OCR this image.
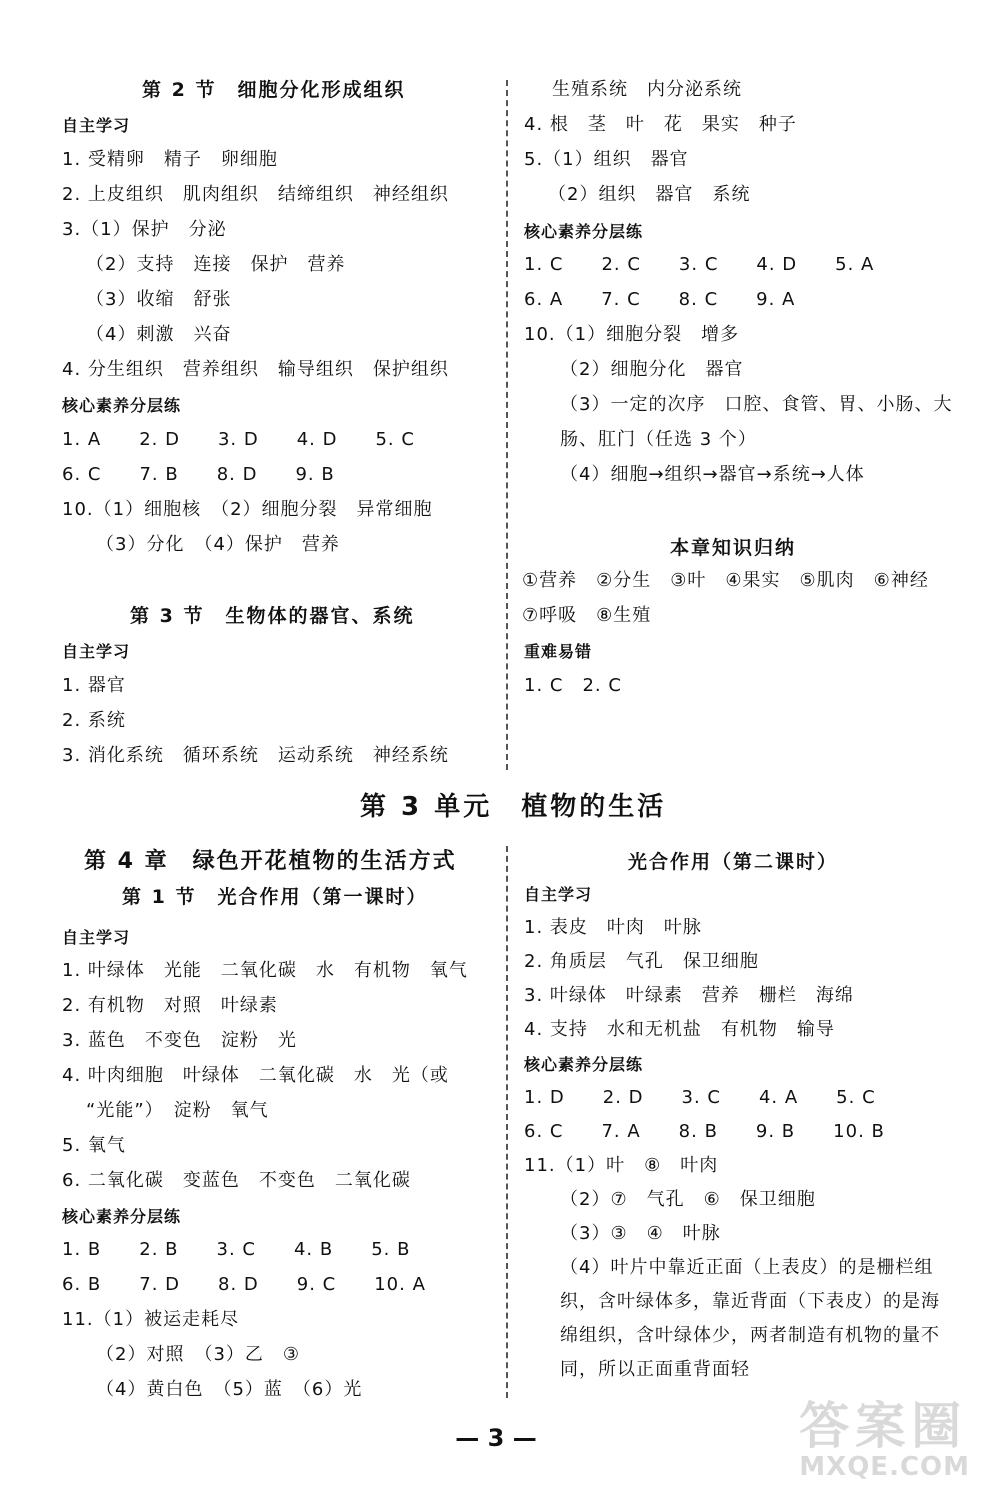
第 2 节　细胞分化形成组织
自主学习
1. 受精卵　精子　卵细胞
2. 上皮组织　肌肉组织　结缔组织　神经组织
3.（1）保护　分泌
（2）支持　连接　保护　营养
（3）收缩　舒张
（4）刺激　兴奋
4. 分生组织　营养组织　输导组织　保护组织
核心素养分层练
1. A　　2. D　　3. D　　4. D　　5. C
6. C　　7. B　　8. D　　9. B
10.（1）细胞核　（2）细胞分裂　异常细胞
（3）分化　（4）保护　营养
第 3 节　生物体的器官、系统
自主学习
1. 器官
2. 系统
3. 消化系统　循环系统　运动系统　神经系统
生殖系统　内分泌系统
4. 根　茎　叶　花　果实　种子
5.（1）组织　器官
（2）组织　器官　系统
核心素养分层练
1. C　　2. C　　3. C　　4. D　　5. A
6. A　　7. C　　8. C　　9. A
10.（1）细胞分裂　增多
（2）细胞分化　器官
（3）一定的次序　口腔、食管、胃、小肠、大
肠、肛门（任选 3 个）
（4）细胞→组织→器官→系统→人体
本章知识归纳
①营养　②分生　③叶　④果实　⑤肌肉　⑥神经
⑦呼吸　⑧生殖
重难易错
1. C　2. C
第 3 单元　植物的生活
第 4 章　绿色开花植物的生活方式
第 1 节　光合作用（第一课时）
自主学习
1. 叶绿体　光能　二氧化碳　水　有机物　氧气
2. 有机物　对照　叶绿素
3. 蓝色　不变色　淀粉　光
4. 叶肉细胞　叶绿体　二氧化碳　水　光（或
“光能”）　淀粉　氧气
5. 氧气
6. 二氧化碳　变蓝色　不变色　二氧化碳
核心素养分层练
1. B　　2. B　　3. C　　4. B　　5. B
6. B　　7. D　　8. D　　9. C　　10. A
11.（1）被运走耗尽
（2）对照　（3）乙　③
（4）黄白色　（5）蓝　（6）光
光合作用（第二课时）
自主学习
1. 表皮　叶肉　叶脉
2. 角质层　气孔　保卫细胞
3. 叶绿体　叶绿素　营养　栅栏　海绵
4. 支持　水和无机盐　有机物　输导
核心素养分层练
1. D　　2. D　　3. C　　4. A　　5. C
6. C　　7. A　　8. B　　9. B　　10. B
11.（1）叶　⑧　叶肉
（2）⑦　气孔　⑥　保卫细胞
（3）③　④　叶脉
（4）叶片中靠近正面（上表皮）的是栅栏组
织，含叶绿体多，靠近背面（下表皮）的是海
绵组织，含叶绿体少，两者制造有机物的量不
同，所以正面重背面轻
— 3 —	答案圈
MXQE.COM
